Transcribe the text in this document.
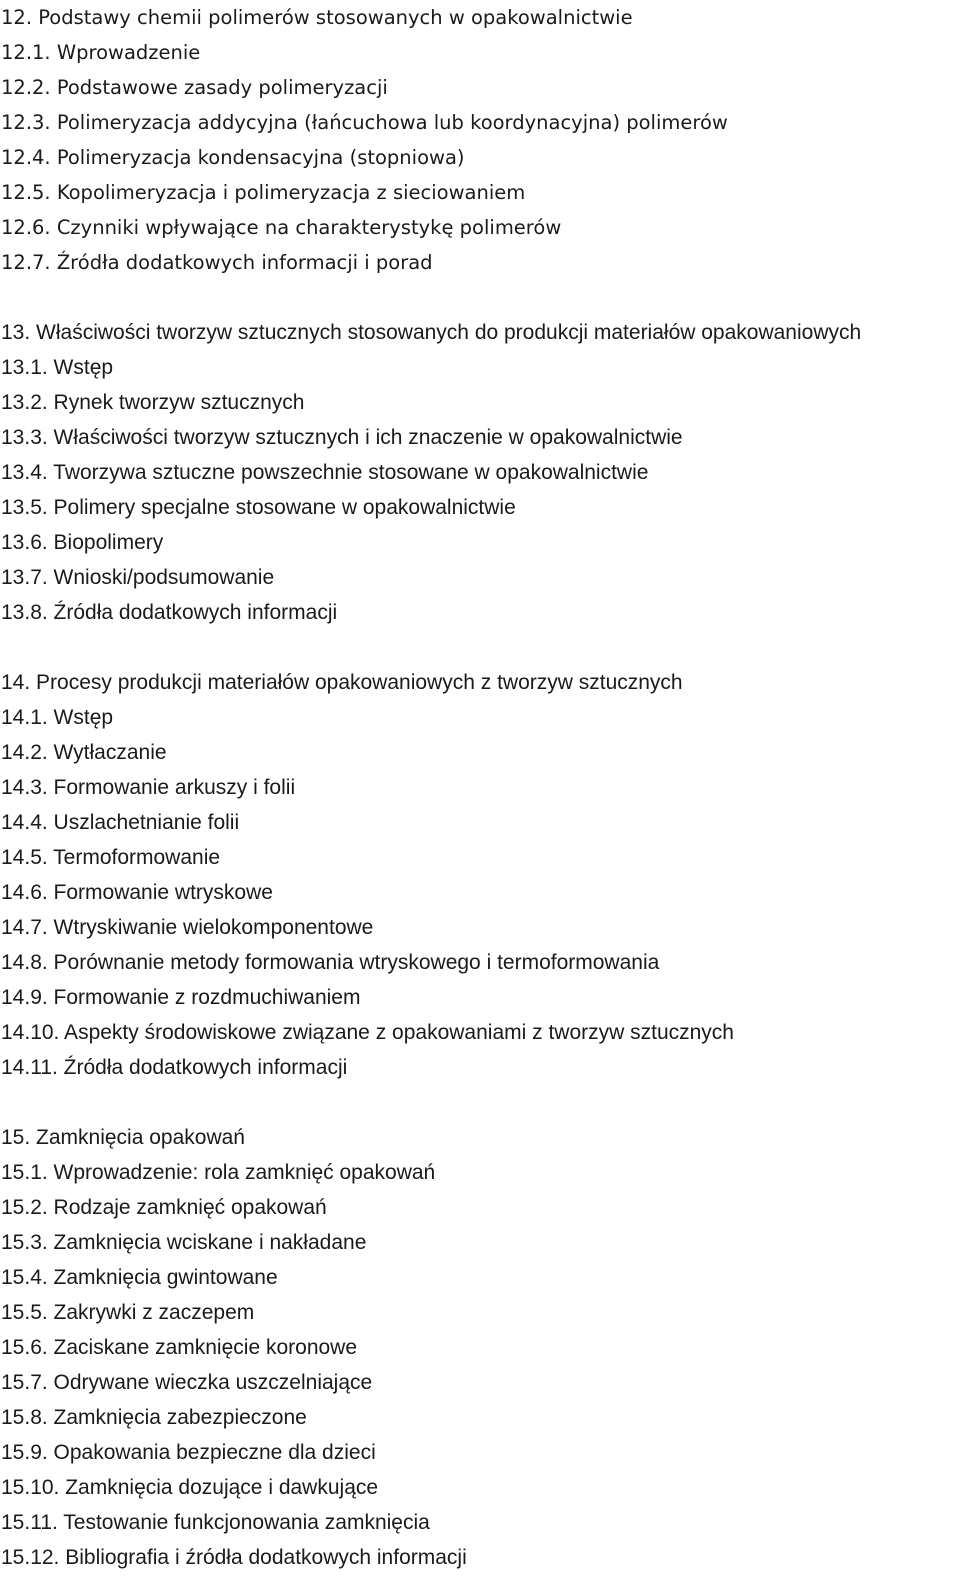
12. Podstawy chemii polimerów stosowanych w opakowalnictwie
12.1. Wprowadzenie
12.2. Podstawowe zasady polimeryzacji
12.3. Polimeryzacja addycyjna (łańcuchowa lub koordynacyjna) polimerów
12.4. Polimeryzacja kondensacyjna (stopniowa)
12.5. Kopolimeryzacja i polimeryzacja z sieciowaniem
12.6. Czynniki wpływające na charakterystykę polimerów
12.7. Źródła dodatkowych informacji i porad
13. Właściwości tworzyw sztucznych stosowanych do produkcji materiałów opakowaniowych
13.1. Wstęp
13.2. Rynek tworzyw sztucznych
13.3. Właściwości tworzyw sztucznych i ich znaczenie w opakowalnictwie
13.4. Tworzywa sztuczne powszechnie stosowane w opakowalnictwie
13.5. Polimery specjalne stosowane w opakowalnictwie
13.6. Biopolimery
13.7. Wnioski/podsumowanie
13.8. Źródła dodatkowych informacji
14. Procesy produkcji materiałów opakowaniowych z tworzyw sztucznych
14.1. Wstęp
14.2. Wytłaczanie
14.3. Formowanie arkuszy i folii
14.4. Uszlachetnianie folii
14.5. Termoformowanie
14.6. Formowanie wtryskowe
14.7. Wtryskiwanie wielokomponentowe
14.8. Porównanie metody formowania wtryskowego i termoformowania
14.9. Formowanie z rozdmuchiwaniem
14.10. Aspekty środowiskowe związane z opakowaniami z tworzyw sztucznych
14.11. Źródła dodatkowych informacji
15. Zamknięcia opakowań
15.1. Wprowadzenie: rola zamknięć opakowań
15.2. Rodzaje zamknięć opakowań
15.3. Zamknięcia wciskane i nakładane
15.4. Zamknięcia gwintowane
15.5. Zakrywki z zaczepem
15.6. Zaciskane zamknięcie koronowe
15.7. Odrywane wieczka uszczelniające
15.8. Zamknięcia zabezpieczone
15.9. Opakowania bezpieczne dla dzieci
15.10. Zamknięcia dozujące i dawkujące
15.11. Testowanie funkcjonowania zamknięcia
15.12. Bibliografia i źródła dodatkowych informacji
